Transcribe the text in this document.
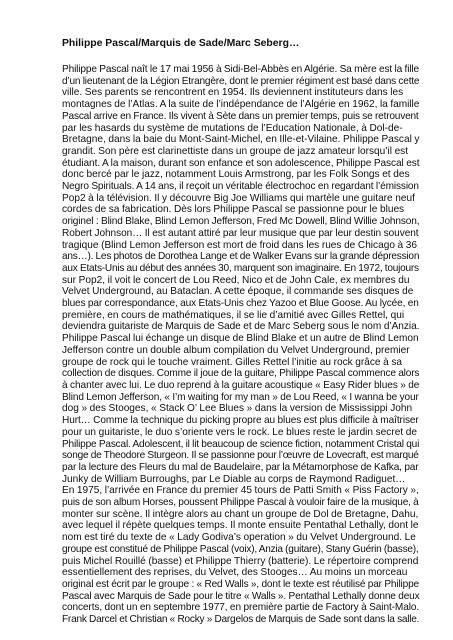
Philippe Pascal/Marquis de Sade/Marc Seberg…
Philippe Pascal naît le 17 mai 1956 à Sidi-Bel-Abbès en Algérie. Sa mère est la fille
d’un lieutenant de la Légion Etrangère, dont le premier régiment est basé dans cette
ville. Ses parents se rencontrent en 1954. Ils deviennent instituteurs dans les
montagnes de l’Atlas. A la suite de l’indépendance de l’Algérie en 1962, la famille
Pascal arrive en France. Ils vivent à Sète dans un premier temps, puis se retrouvent
par les hasards du système de mutations de l’Education Nationale, à Dol-de-
Bretagne, dans la baie du Mont-Saint-Michel, en Ille-et-Vilaine. Philippe Pascal y
grandit. Son père est clarinettiste dans un groupe de jazz amateur lorsqu’il est
étudiant. A la maison, durant son enfance et son adolescence, Philippe Pascal est
donc bercé par le jazz, notamment Louis Armstrong, par les Folk Songs et des
Negro Spirituals. A 14 ans, il reçoit un véritable électrochoc en regardant l’émission
Pop2 à la télévision. Il y découvre Big Joe Williams qui martèle une guitare neuf
cordes de sa fabrication. Dès lors Philippe Pascal se passionne pour le blues
originel : Blind Blake, Blind Lemon Jefferson, Fred Mc Dowell, Blind Willie Johnson,
Robert Johnson… Il est autant attiré par leur musique que par leur destin souvent
tragique (Blind Lemon Jefferson est mort de froid dans les rues de Chicago à 36
ans…). Les photos de Dorothea Lange et de Walker Evans sur la grande dépression
aux Etats-Unis au début des années 30, marquent son imaginaire. En 1972, toujours
sur Pop2, il voit le concert de Lou Reed, Nico et de John Cale, ex membres du
Velvet Underground, au Bataclan. A cette époque, il commande ses disques de
blues par correspondance, aux Etats-Unis chez Yazoo et Blue Goose. Au lycée, en
première, en cours de mathématiques, il se lie d’amitié avec Gilles Rettel, qui
deviendra guitariste de Marquis de Sade et de Marc Seberg sous le nom d’Anzia.
Philippe Pascal lui échange un disque de Blind Blake et un autre de Blind Lemon
Jefferson contre un double album compilation du Velvet Underground, premier
groupe de rock qui le touche vraiment. Gilles Rettel l’initie au rock grâce à sa
collection de disques. Comme il joue de la guitare, Philippe Pascal commence alors
à chanter avec lui. Le duo reprend à la guitare acoustique « Easy Rider blues » de
Blind Lemon Jefferson, « I’m waiting for my man » de Lou Reed, « I wanna be your
dog » des Stooges, « Stack O’ Lee Blues » dans la version de Mississippi John
Hurt… Comme la technique du picking propre au blues est plus difficile à maîtriser
pour un guitariste, le duo s’oriente vers le rock. Le blues reste le jardin secret de
Philippe Pascal. Adolescent, il lit beaucoup de science fiction, notamment Cristal qui
songe de Theodore Sturgeon. Il se passionne pour l’œuvre de Lovecraft, est marqué
par la lecture des Fleurs du mal de Baudelaire, par la Métamorphose de Kafka, par
Junky de William Burroughs, par Le Diable au corps de Raymond Radiguet…
En 1975, l’arrivée en France du premier 45 tours de Patti Smith « Piss Factory »,
puis de son album Horses, poussent Philippe Pascal à vouloir faire de la musique, à
monter sur scène. Il intègre alors au chant un groupe de Dol de Bretagne, Dahu,
avec lequel il répète quelques temps. Il monte ensuite Pentathal Lethally, dont le
nom est tiré du texte de « Lady Godiva’s operation » du Velvet Underground. Le
groupe est constitué de Philippe Pascal (voix), Anzia (guitare), Stany Guérin (basse),
puis Michel Rouillé (basse) et Philippe Thierry (batterie). Le répertoire comprend
essentiellement des reprises, du Velvet, des Stooges… Au moins un morceau
original est écrit par le groupe : « Red Walls », dont le texte est réutilisé par Philippe
Pascal avec Marquis de Sade pour le titre « Walls ». Pentathal Lethally donne deux
concerts, dont un en septembre 1977, en première partie de Factory à Saint-Malo.
Frank Darcel et Christian « Rocky » Dargelos de Marquis de Sade sont dans la salle.
